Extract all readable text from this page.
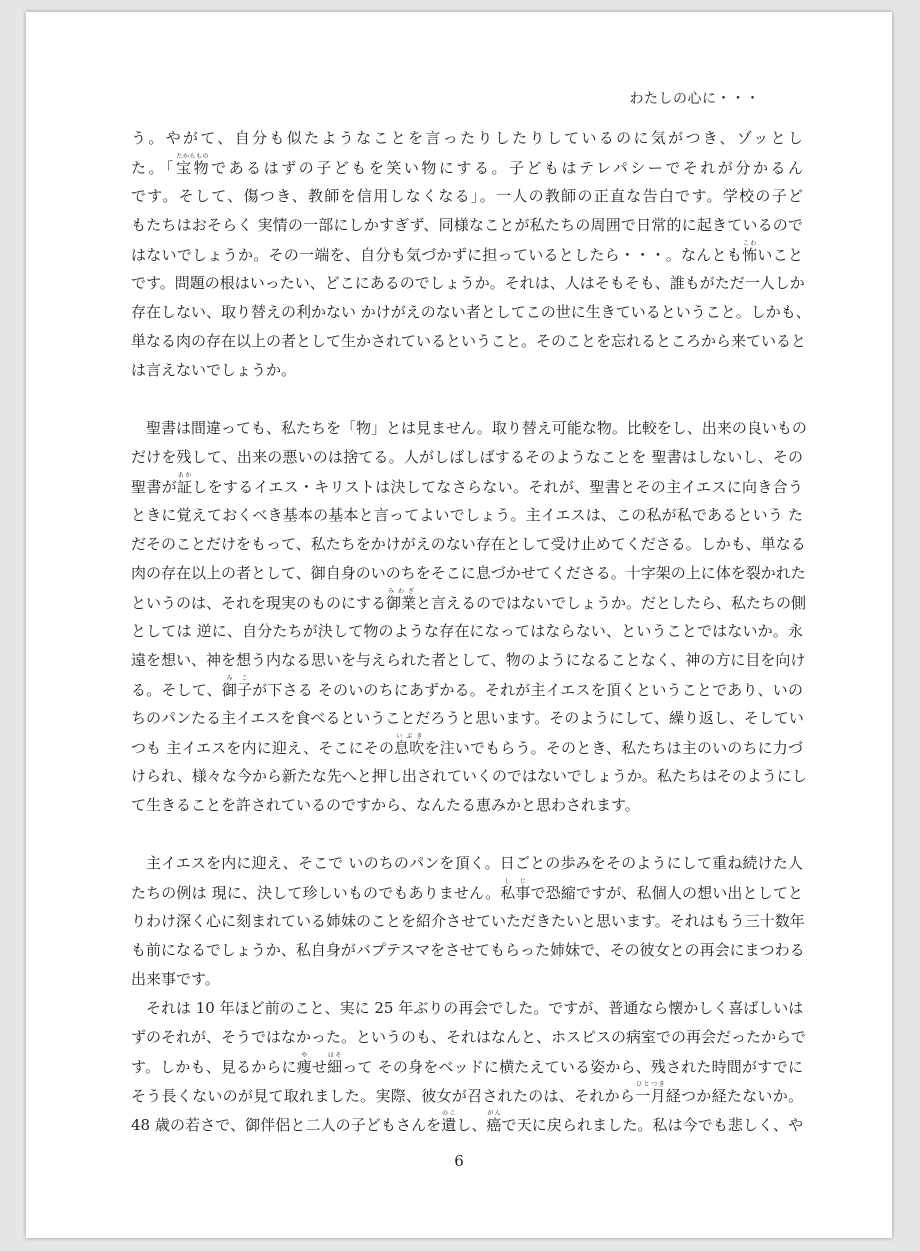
わたしの心に・・・
う。やがて、自分も似たようなことを言ったりしたりしているのに気がつき、ゾッとし
た。「宝物たからものであるはずの子どもを笑い物にする。子どもはテレパシーでそれが分かるん
です。そして、傷つき、教師を信用しなくなる」。一人の教師の正直な告白です。学校の子ど
もたちはおそらく 実情の一部にしかすぎず、同様なことが私たちの周囲で日常的に起きているので
はないでしょうか。その一端を、自分も気づかずに担っているとしたら・・・。なんとも怖こわいこと
です。問題の根はいったい、どこにあるのでしょうか。それは、人はそもそも、誰もがただ一人しか
存在しない、取り替えの利かない かけがえのない者としてこの世に生きているということ。しかも、
単なる肉の存在以上の者として生かされているということ。そのことを忘れるところから来ていると
は言えないでしょうか。
聖書は間違っても、私たちを「物」とは見ません。取り替え可能な物。比較をし、出来の良いもの
だけを残して、出来の悪いのは捨てる。人がしばしばするそのようなことを 聖書はしないし、その
聖書が証あかしをするイエス・キリストは決してなさらない。それが、聖書とその主イエスに向き合う
ときに覚えておくべき基本の基本と言ってよいでしょう。主イエスは、この私が私であるという た
だそのことだけをもって、私たちをかけがえのない存在として受け止めてくださる。しかも、単なる
肉の存在以上の者として、御自身のいのちをそこに息づかせてくださる。十字架の上に体を裂かれた
というのは、それを現実のものにする御業みわざと言えるのではないでしょうか。だとしたら、私たちの側
としては 逆に、自分たちが決して物のような存在になってはならない、ということではないか。永
遠を想い、神を想う内なる思いを与えられた者として、物のようになることなく、神の方に目を向け
る。そして、御子みこが下さる そのいのちにあずかる。それが主イエスを頂くということであり、いの
ちのパンたる主イエスを食べるということだろうと思います。そのようにして、繰り返し、そしてい
つも 主イエスを内に迎え、そこにその息吹いぶきを注いでもらう。そのとき、私たちは主のいのちに力づ
けられ、様々な今から新たな先へと押し出されていくのではないでしょうか。私たちはそのようにし
て生きることを許されているのですから、なんたる恵みかと思わされます。
主イエスを内に迎え、そこで いのちのパンを頂く。日ごとの歩みをそのようにして重ね続けた人
たちの例は 現に、決して珍しいものでもありません。私事しじで恐縮ですが、私個人の想い出としてと
りわけ深く心に刻まれている姉妹のことを紹介させていただきたいと思います。それはもう三十数年
も前になるでしょうか、私自身がバプテスマをさせてもらった姉妹で、その彼女との再会にまつわる
出来事です。
それは 10 年ほど前のこと、実に 25 年ぶりの再会でした。ですが、普通なら懐かしく喜ばしいは
ずのそれが、そうではなかった。というのも、それはなんと、ホスピスの病室での再会だったからで
す。しかも、見るからに痩やせ細ほそって その身をベッドに横たえている姿から、残された時間がすでに
そう長くないのが見て取れました。実際、彼女が召されたのは、それから一月ひとつき経つか経たないか。
48 歳の若さで、御伴侶と二人の子どもさんを遺のこし、癌がんで天に戻られました。私は今でも悲しく、や
6
